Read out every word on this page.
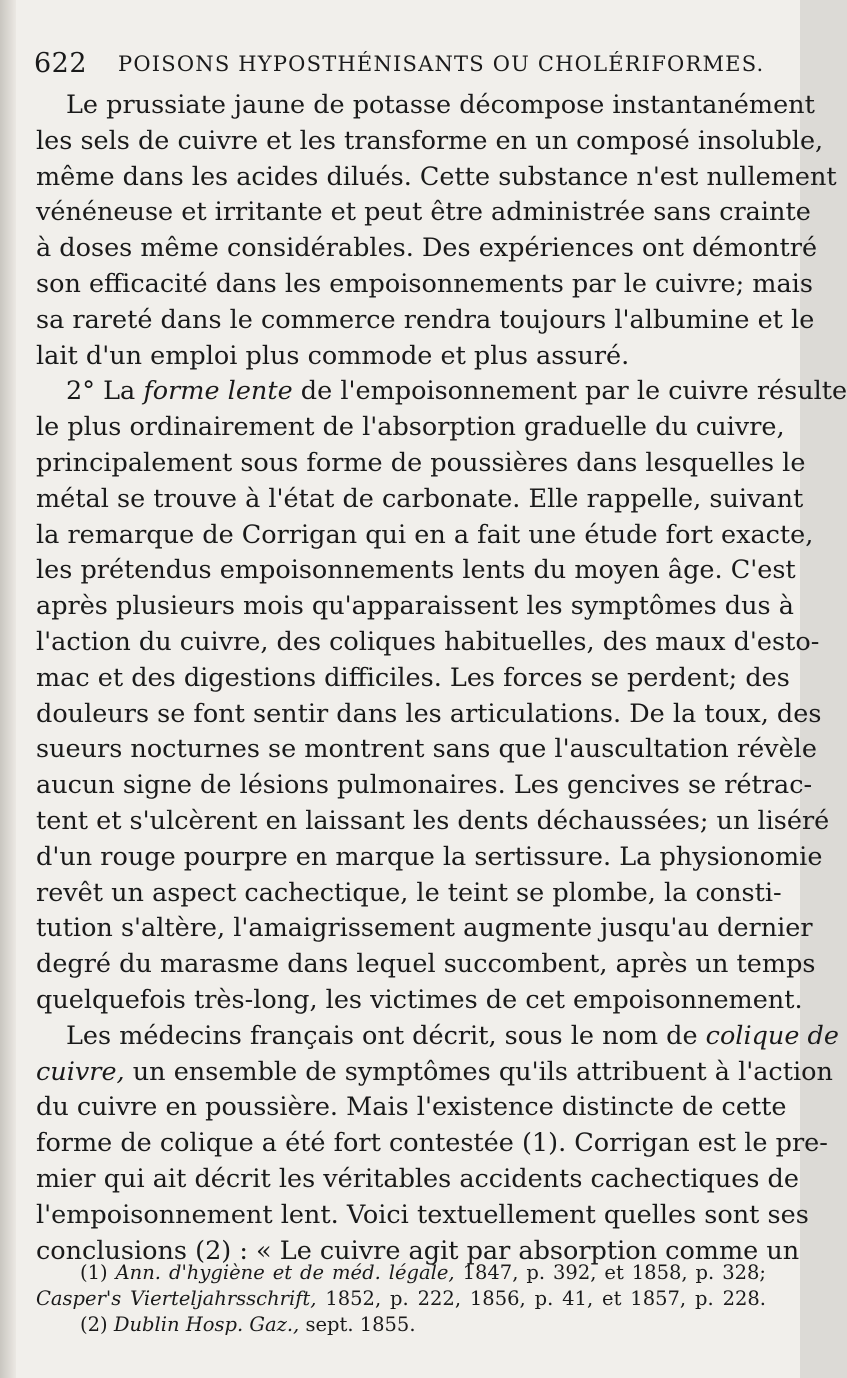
622 POISONS HYPOSTHÉNISANTS OU CHOLÉRIFORMES.
Le prussiate jaune de potasse décompose instantanément
les sels de cuivre et les transforme en un composé insoluble,
même dans les acides dilués. Cette substance n'est nullement
vénéneuse et irritante et peut être administrée sans crainte
à doses même considérables. Des expériences ont démontré
son efficacité dans les empoisonnements par le cuivre; mais
sa rareté dans le commerce rendra toujours l'albumine et le
lait d'un emploi plus commode et plus assuré.
2° La forme lente de l'empoisonnement par le cuivre résulte
le plus ordinairement de l'absorption graduelle du cuivre,
principalement sous forme de poussières dans lesquelles le
métal se trouve à l'état de carbonate. Elle rappelle, suivant
la remarque de Corrigan qui en a fait une étude fort exacte,
les prétendus empoisonnements lents du moyen âge. C'est
après plusieurs mois qu'apparaissent les symptômes dus à
l'action du cuivre, des coliques habituelles, des maux d'esto-
mac et des digestions difficiles. Les forces se perdent; des
douleurs se font sentir dans les articulations. De la toux, des
sueurs nocturnes se montrent sans que l'auscultation révèle
aucun signe de lésions pulmonaires. Les gencives se rétrac-
tent et s'ulcèrent en laissant les dents déchaussées; un liséré
d'un rouge pourpre en marque la sertissure. La physionomie
revêt un aspect cachectique, le teint se plombe, la consti-
tution s'altère, l'amaigrissement augmente jusqu'au dernier
degré du marasme dans lequel succombent, après un temps
quelquefois très-long, les victimes de cet empoisonnement.
Les médecins français ont décrit, sous le nom de colique de
cuivre, un ensemble de symptômes qu'ils attribuent à l'action
du cuivre en poussière. Mais l'existence distincte de cette
forme de colique a été fort contestée (1). Corrigan est le pre-
mier qui ait décrit les véritables accidents cachectiques de
l'empoisonnement lent. Voici textuellement quelles sont ses
conclusions (2) : « Le cuivre agit par absorption comme un
(1) Ann. d'hygiène et de méd. légale, 1847, p. 392, et 1858, p. 328;
Casper's Vierteljahrsschrift, 1852, p. 222, 1856, p. 41, et 1857, p. 228.
(2) Dublin Hosp. Gaz., sept. 1855.
